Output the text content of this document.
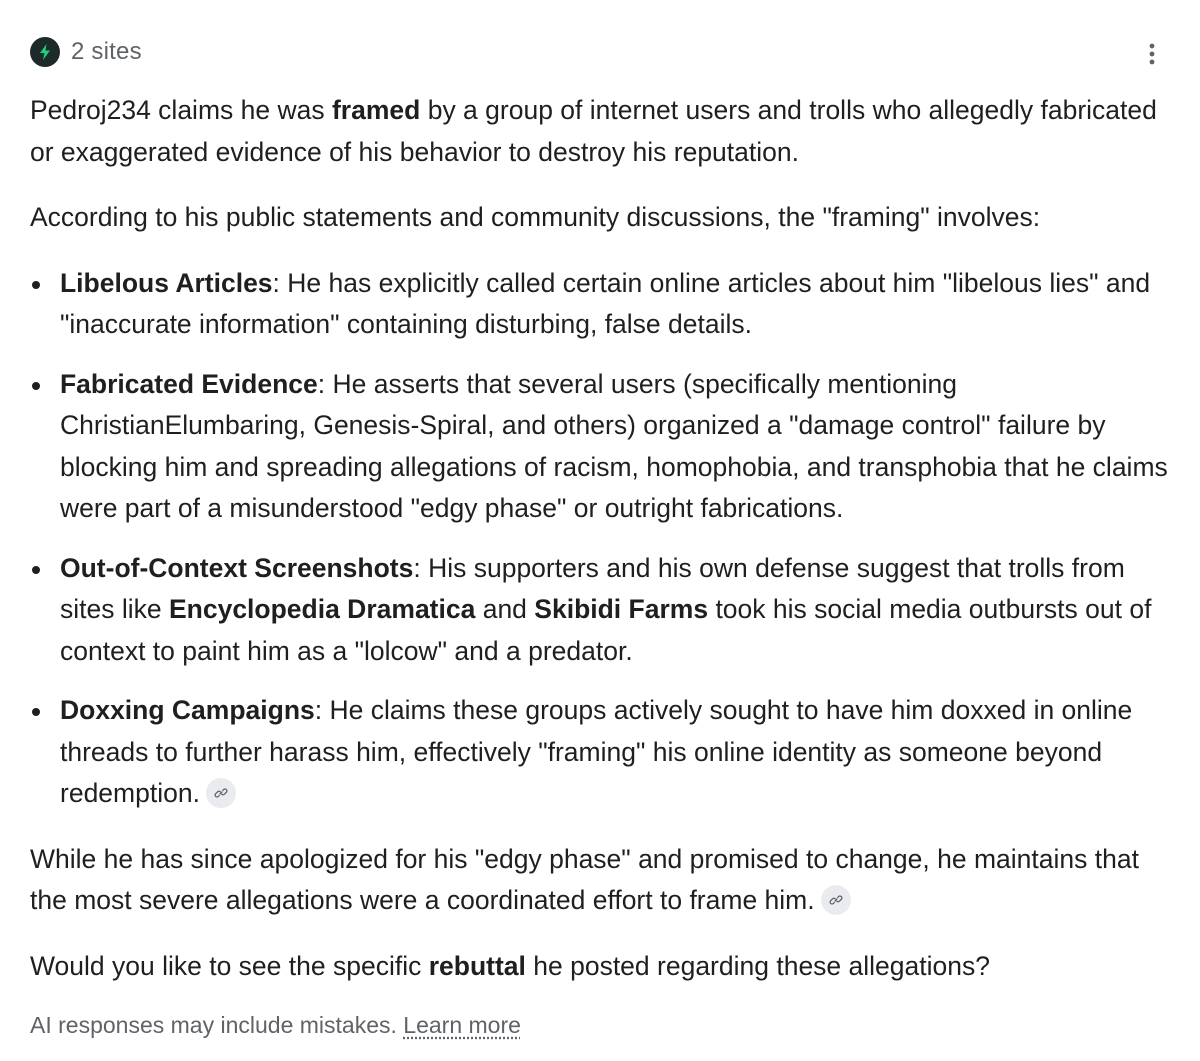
2 sites

Pedroj234 claims he was framed by a group of internet users and trolls who allegedly fabricated or exaggerated evidence of his behavior to destroy his reputation.

According to his public statements and community discussions, the "framing" involves:

Libelous Articles: He has explicitly called certain online articles about him "libelous lies" and "inaccurate information" containing disturbing, false details.
Fabricated Evidence: He asserts that several users (specifically mentioning ChristianElumbaring, Genesis-Spiral, and others) organized a "damage control" failure by blocking him and spreading allegations of racism, homophobia, and transphobia that he claims were part of a misunderstood "edgy phase" or outright fabrications.
Out-of-Context Screenshots: His supporters and his own defense suggest that trolls from sites like Encyclopedia Dramatica and Skibidi Farms took his social media outbursts out of context to paint him as a "lolcow" and a predator.
Doxxing Campaigns: He claims these groups actively sought to have him doxxed in online threads to further harass him, effectively "framing" his online identity as someone beyond redemption.

While he has since apologized for his "edgy phase" and promised to change, he maintains that the most severe allegations were a coordinated effort to frame him.

Would you like to see the specific rebuttal he posted regarding these allegations?

AI responses may include mistakes. Learn more
